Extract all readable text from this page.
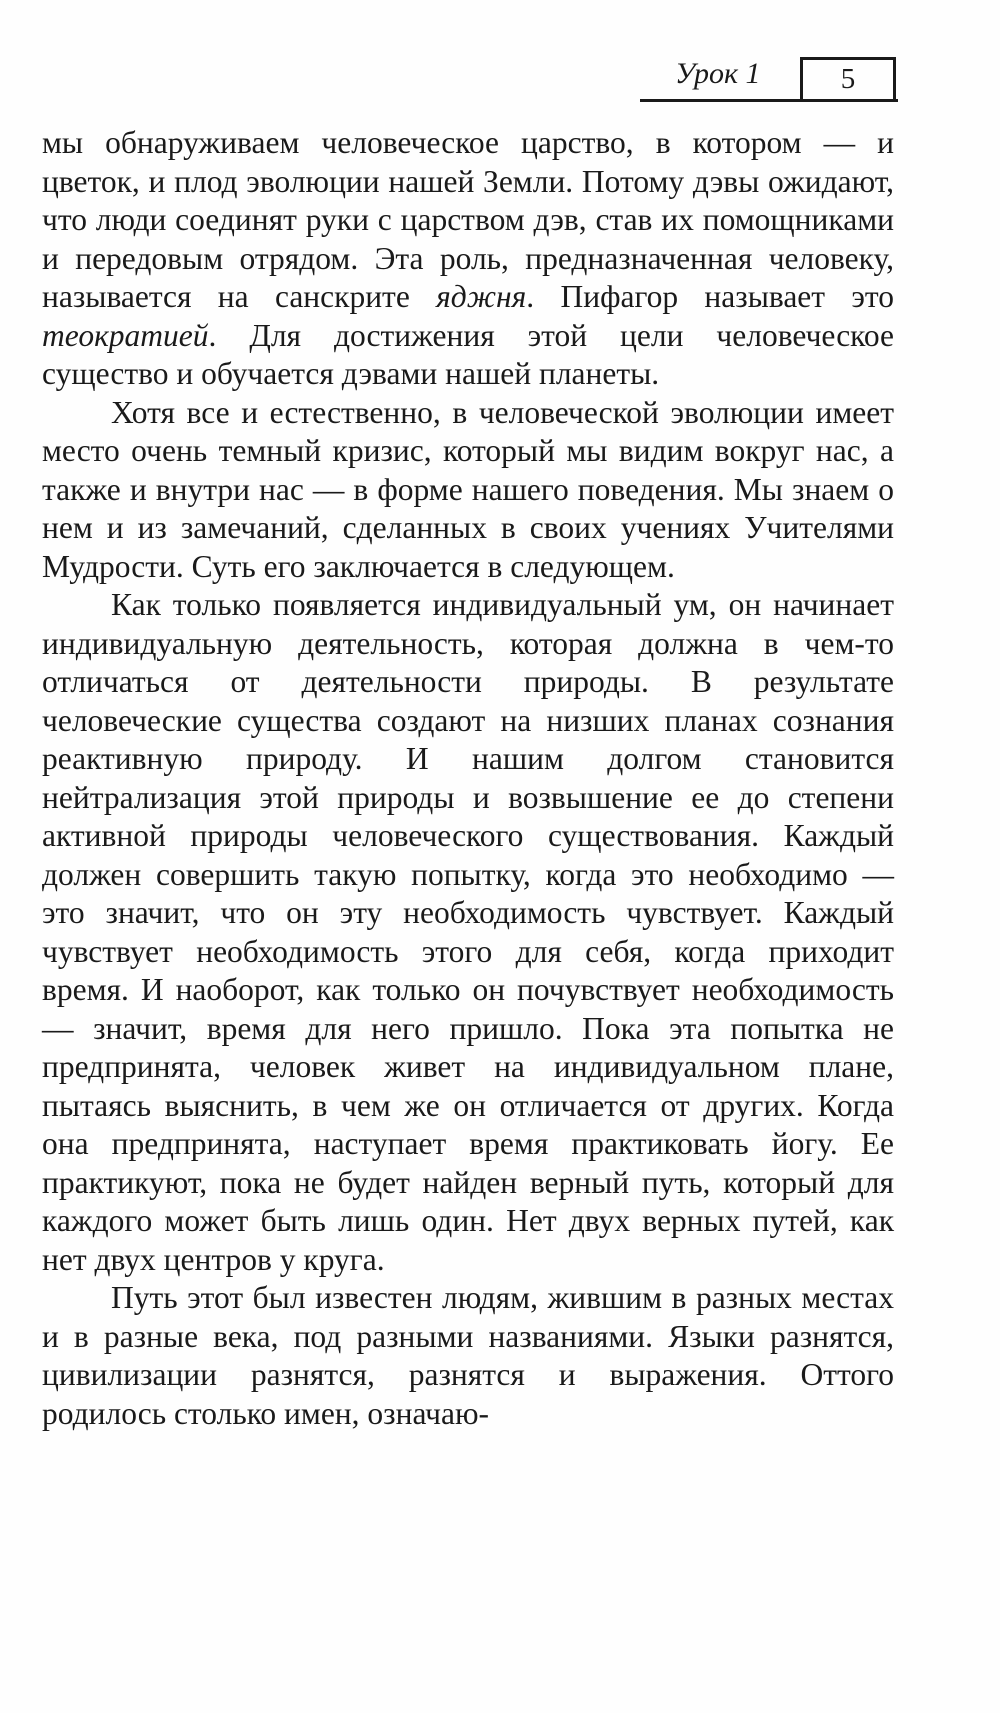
Урок 1	5

мы обнаруживаем человеческое царство, в котором — и цветок, и плод эволюции нашей Земли. Потому дэвы ожидают, что люди соединят руки с царством дэв, став их помощниками и передовым отрядом. Эта роль, предназначенная человеку, называется на санскрите яджня. Пифагор называет это теократией. Для достижения этой цели человеческое существо и обучается дэвами нашей планеты.

Хотя все и естественно, в человеческой эволюции имеет место очень темный кризис, который мы видим вокруг нас, а также и внутри нас — в форме нашего поведения. Мы знаем о нем и из замечаний, сделанных в своих учениях Учителями Мудрости. Суть его заключается в следующем.

Как только появляется индивидуальный ум, он начинает индивидуальную деятельность, которая должна в чем-то отличаться от деятельности природы. В результате человеческие существа создают на низших планах сознания реактивную природу. И нашим долгом становится нейтрализация этой природы и возвышение ее до степени активной природы человеческого существования. Каждый должен совершить такую попытку, когда это необходимо — это значит, что он эту необходимость чувствует. Каждый чувствует необходимость этого для себя, когда приходит время. И наоборот, как только он почувствует необходимость — значит, время для него пришло. Пока эта попытка не предпринята, человек живет на индивидуальном плане, пытаясь выяснить, в чем же он отличается от других. Когда она предпринята, наступает время практиковать йогу. Ее практикуют, пока не будет найден верный путь, который для каждого может быть лишь один. Нет двух верных путей, как нет двух центров у круга.

Путь этот был известен людям, жившим в разных местах и в разные века, под разными названиями. Языки разнятся, цивилизации разнятся, разнятся и выражения. Оттого родилось столько имен, означаю-
